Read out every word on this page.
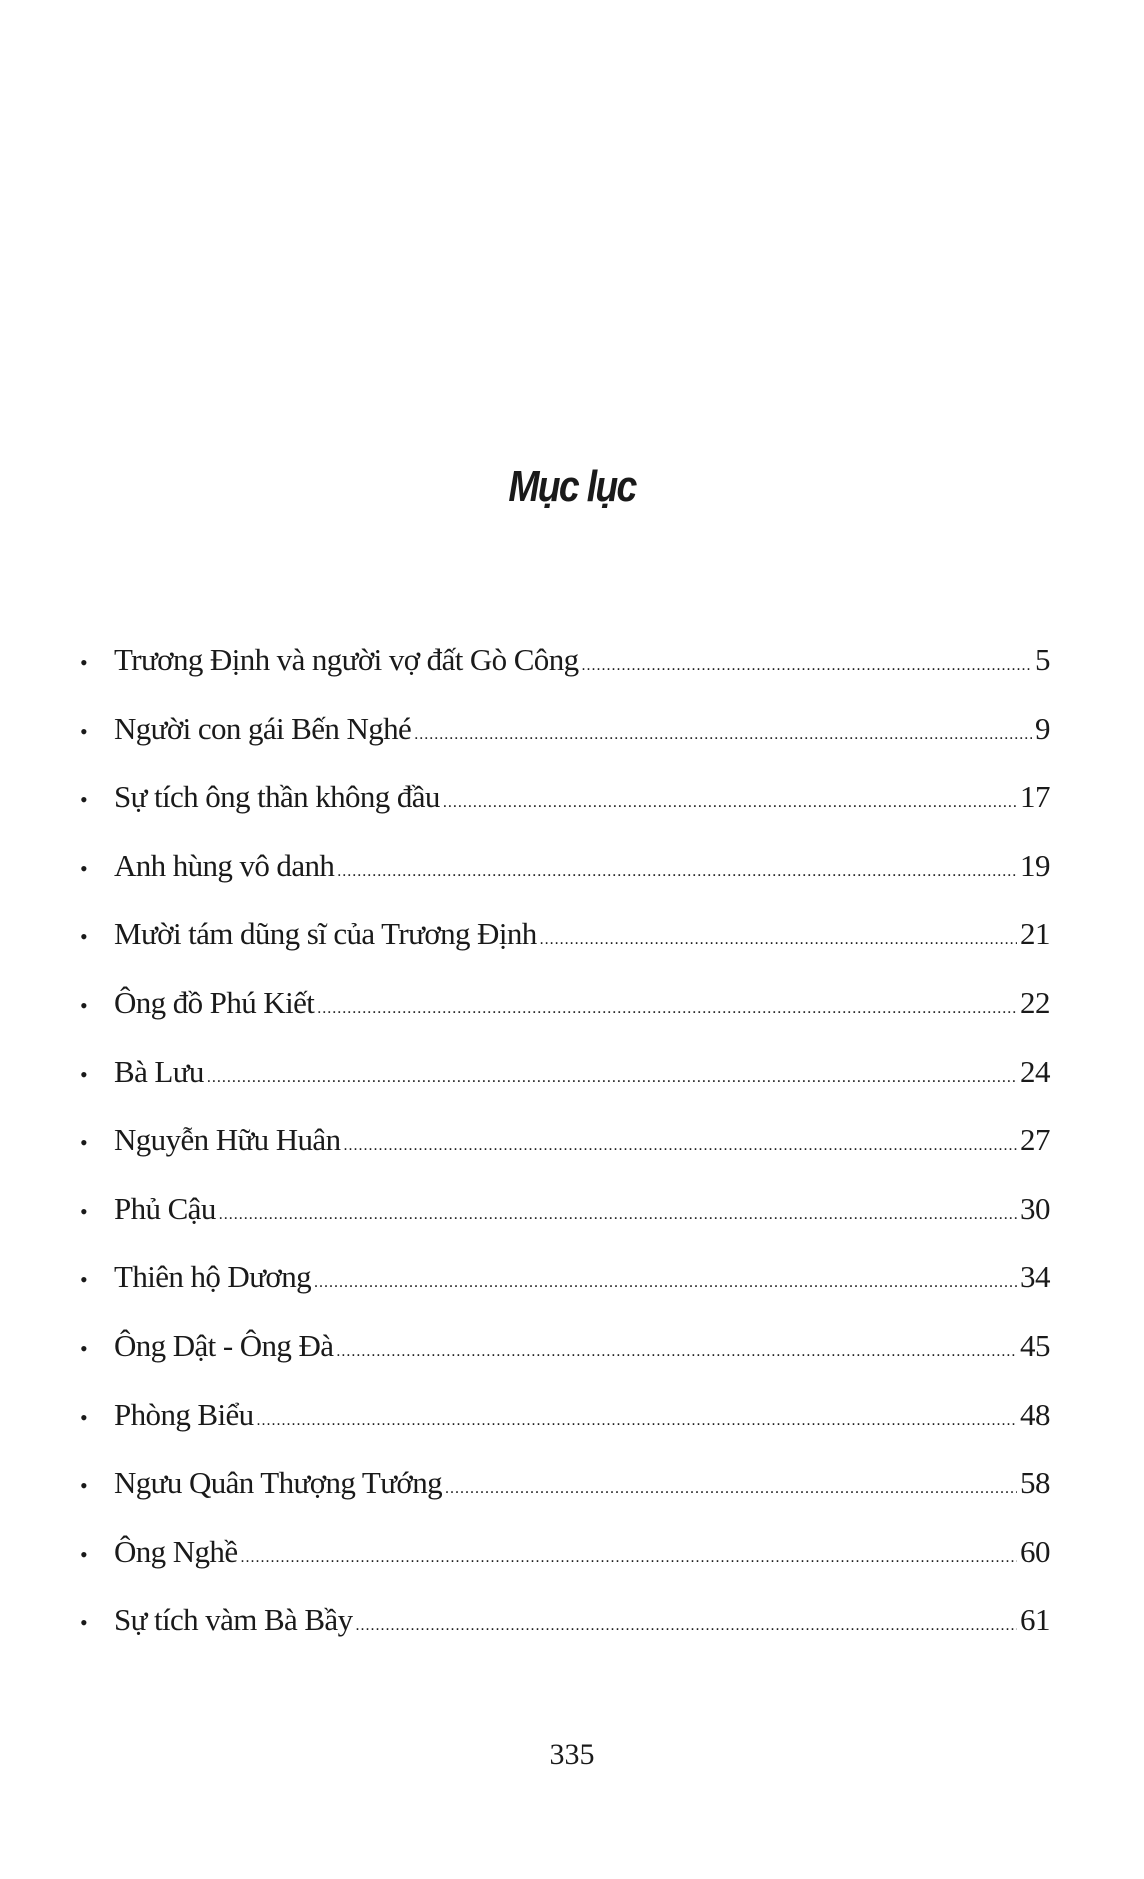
Mục lục
• Trương Định và người vợ đất Gò Công .....	5
• Người con gái Bến Nghé .....	9
• Sự tích ông thần không đầu .....	17
• Anh hùng vô danh .....	19
• Mười tám dũng sĩ của Trương Định .....	21
• Ông đồ Phú Kiết .....	22
• Bà Lưu .....	24
• Nguyễn Hữu Huân .....	27
• Phủ Cậu .....	30
• Thiên hộ Dương .....	34
• Ông Dật - Ông Đà .....	45
• Phòng Biểu .....	48
• Ngưu Quân Thượng Tướng .....	58
• Ông Nghề .....	60
• Sự tích vàm Bà Bầy .....	61
335
